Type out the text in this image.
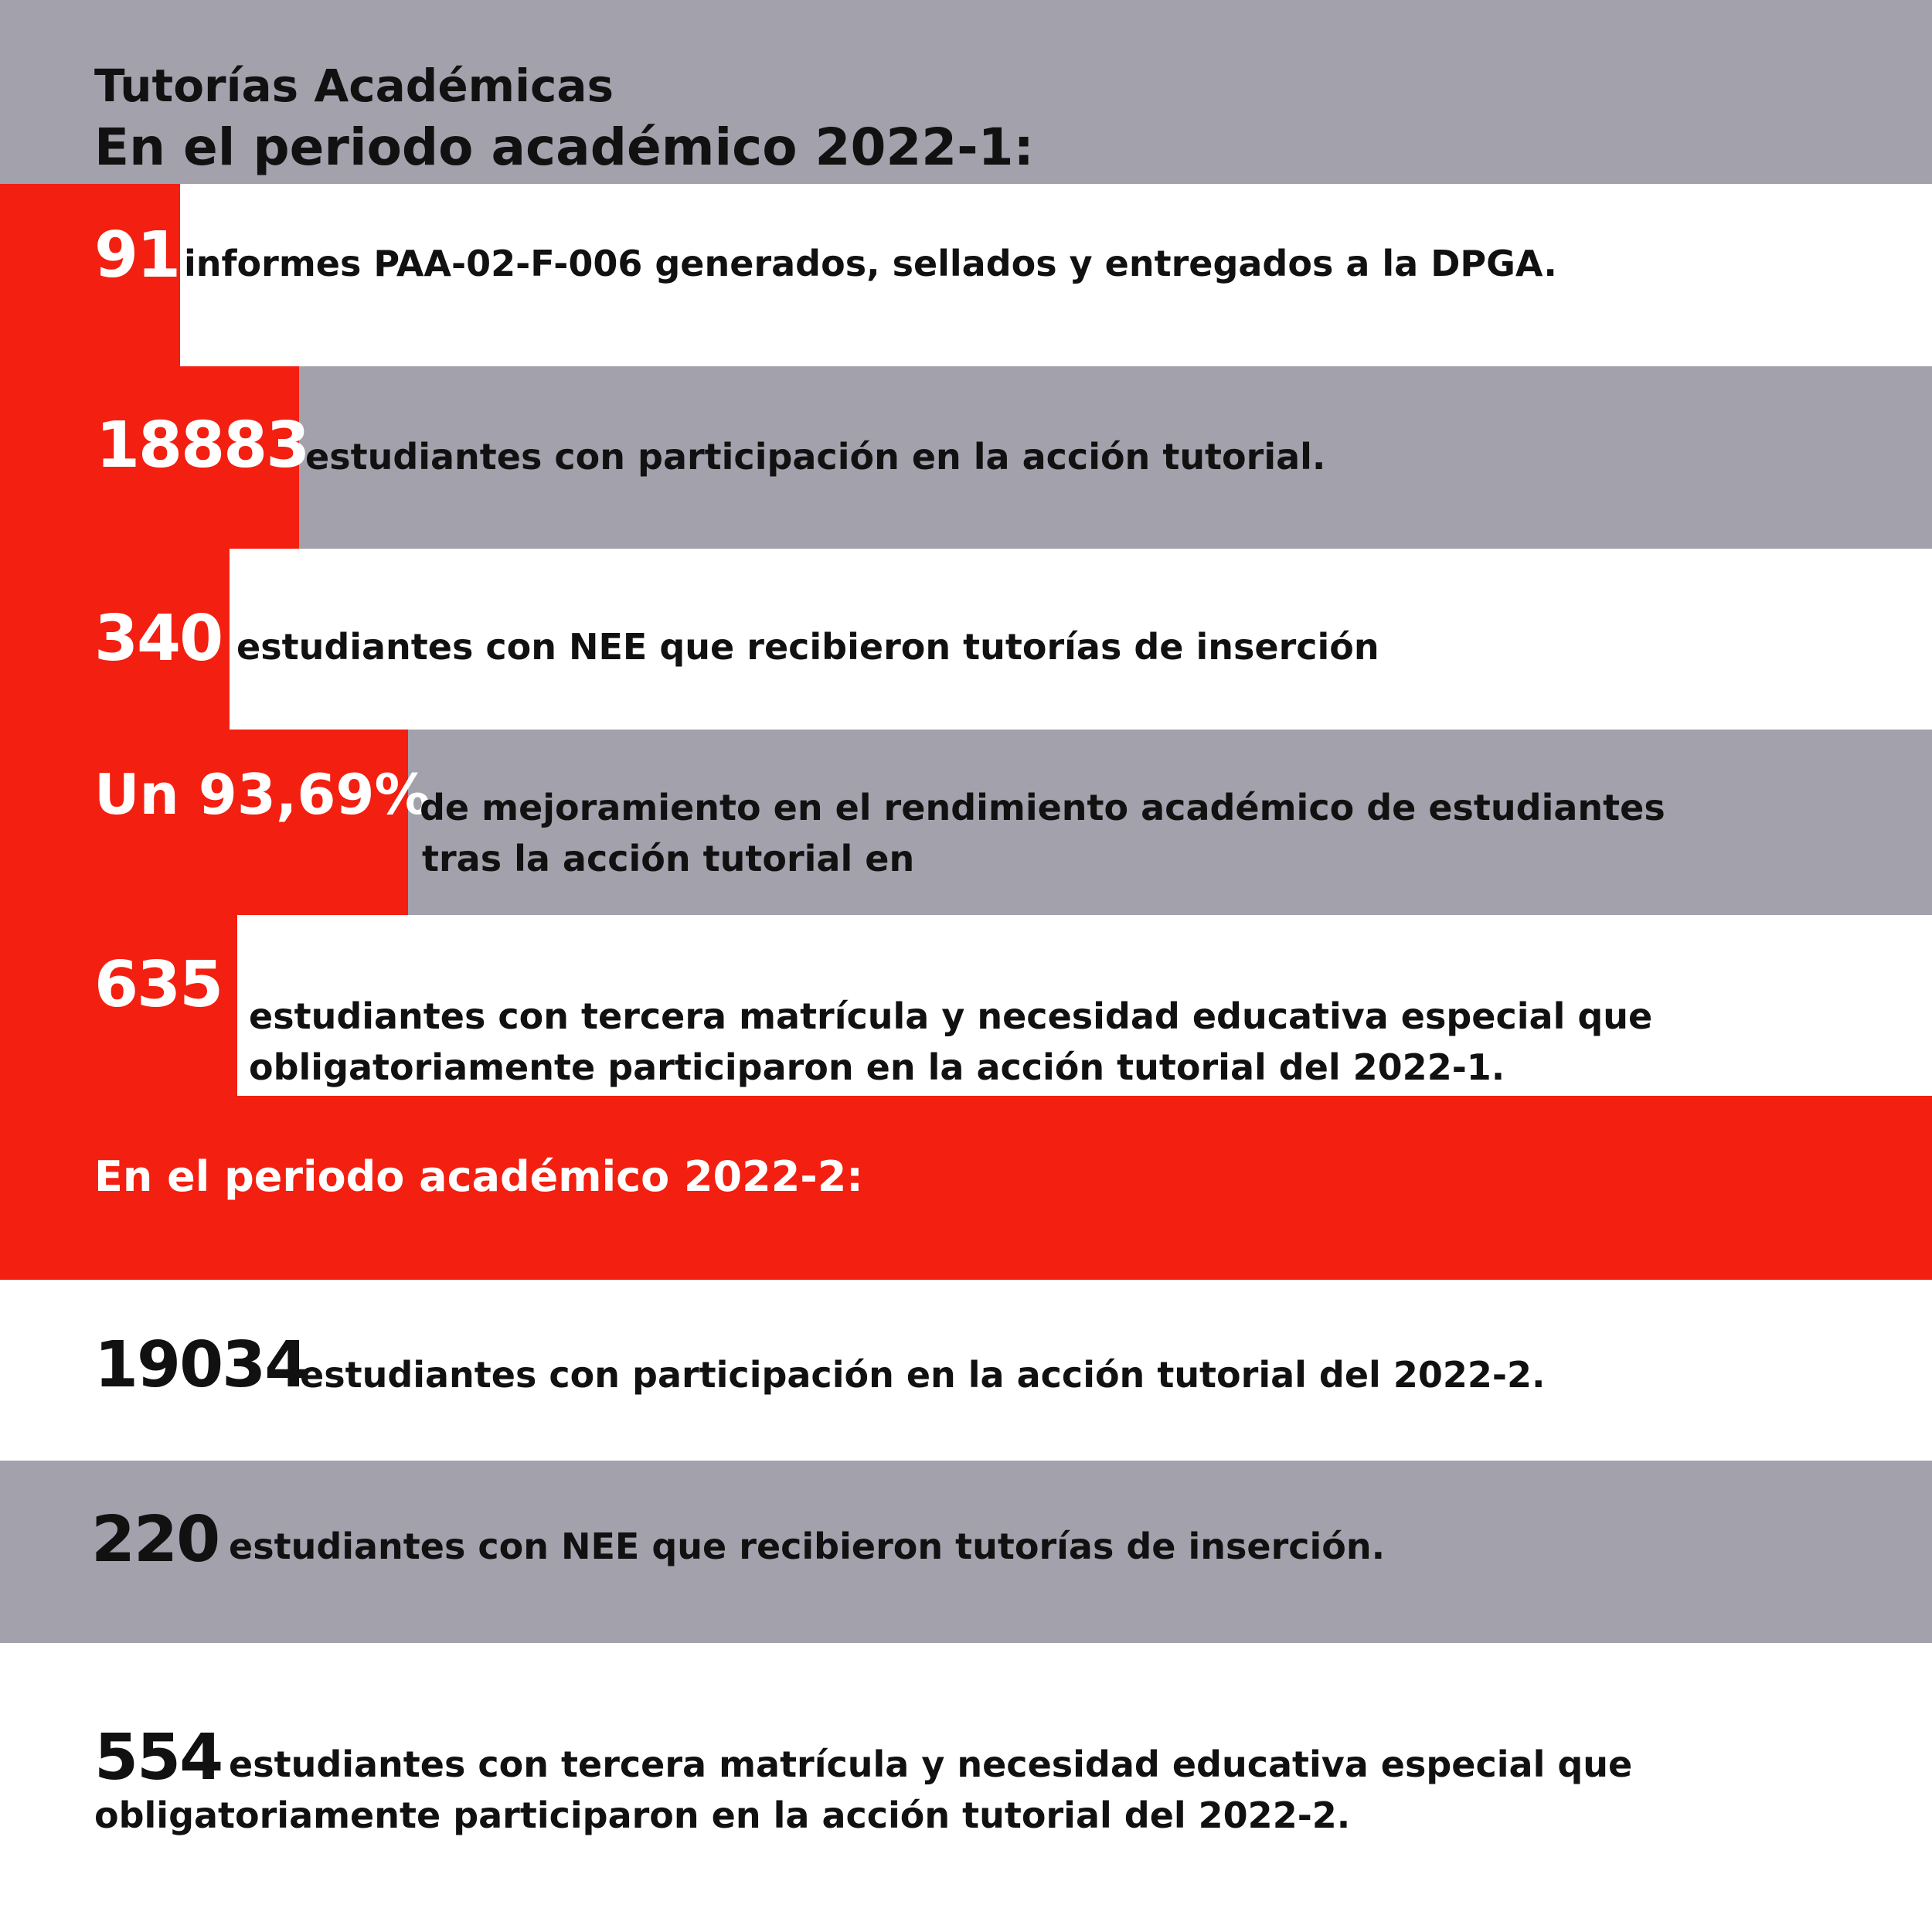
Tutorías Académicas
En el periodo académico 2022-1:
91 informes PAA-02-F-006 generados, sellados y entregados a la DPGA.
18883
estudiantes con participación en la acción tutorial.
340 estudiantes con NEE que recibieron tutorías de inserción
Un 93,69%
de mejoramiento en el rendimiento académico de estudiantes
tras la acción tutorial en
635 estudiantes con tercera matrícula y necesidad educativa especial que
obligatoriamente participaron en la acción tutorial del 2022-1.
En el periodo académico 2022-2:
19034
estudiantes con participación en la acción tutorial del 2022-2.
220 estudiantes con NEE que recibieron tutorías de inserción.
554 estudiantes con tercera matrícula y necesidad educativa especial que
obligatoriamente participaron en la acción tutorial del 2022-2.
